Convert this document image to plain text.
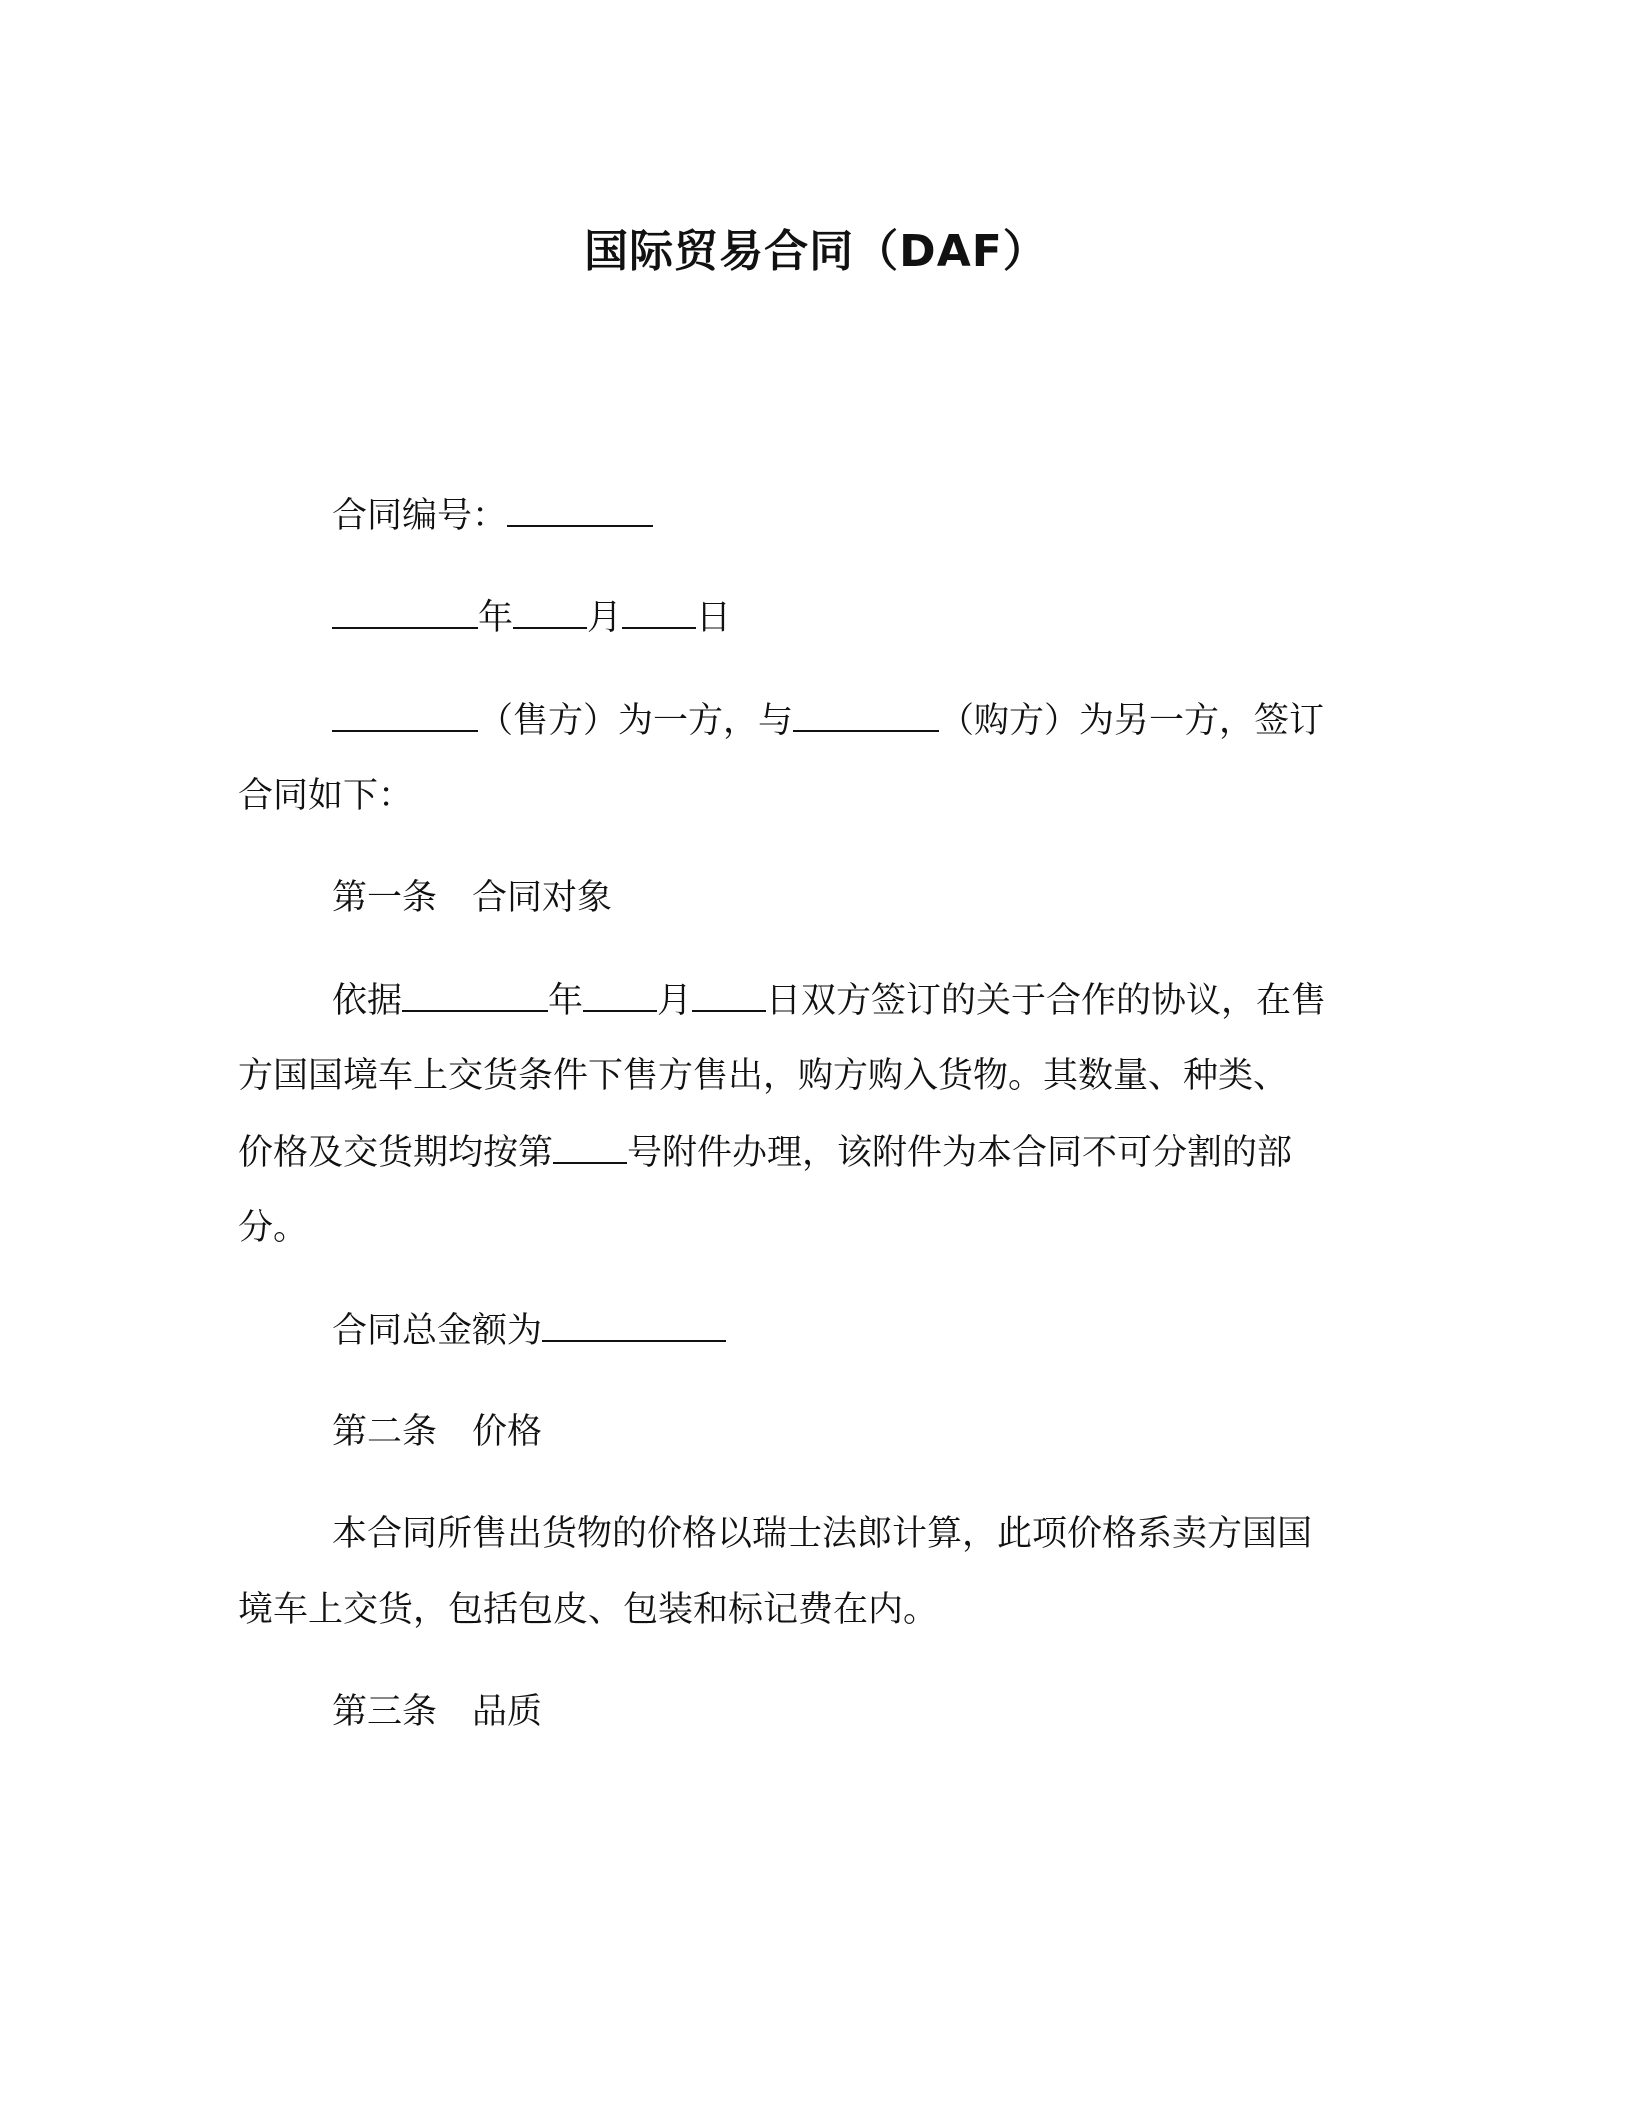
国际贸易合同（DAF）
合同编号：
年 月 日
（售方）为一方，与	（购方）为另一方，签订
合同如下：
第一条　合同对象
依据	年 月 日双方签订的关于合作的协议，在售
方国国境车上交货条件下售方售出，购方购入货物。其数量、种类、
价格及交货期均按第 号附件办理，该附件为本合同不可分割的部
分。
合同总金额为
第二条　价格
本合同所售出货物的价格以瑞士法郎计算，此项价格系卖方国国
境车上交货，包括包皮、包装和标记费在内。
第三条　品质
